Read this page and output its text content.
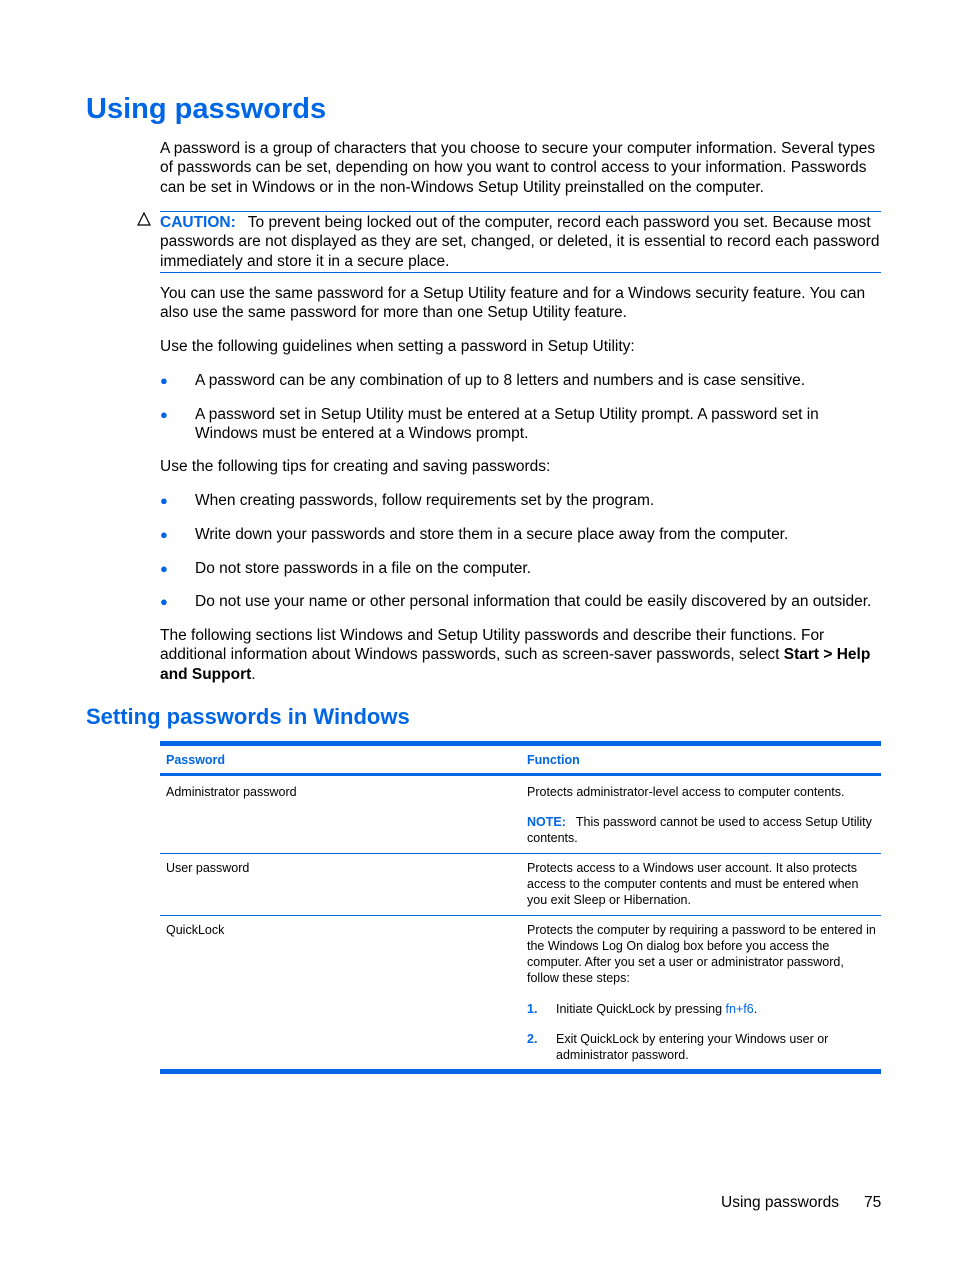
Using passwords

A password is a group of characters that you choose to secure your computer information. Several types of passwords can be set, depending on how you want to control access to your information. Passwords can be set in Windows or in the non-Windows Setup Utility preinstalled on the computer.

CAUTION: To prevent being locked out of the computer, record each password you set. Because most passwords are not displayed as they are set, changed, or deleted, it is essential to record each password immediately and store it in a secure place.

You can use the same password for a Setup Utility feature and for a Windows security feature. You can also use the same password for more than one Setup Utility feature.

Use the following guidelines when setting a password in Setup Utility:

● A password can be any combination of up to 8 letters and numbers and is case sensitive.
● A password set in Setup Utility must be entered at a Setup Utility prompt. A password set in Windows must be entered at a Windows prompt.

Use the following tips for creating and saving passwords:

● When creating passwords, follow requirements set by the program.
● Write down your passwords and store them in a secure place away from the computer.
● Do not store passwords in a file on the computer.
● Do not use your name or other personal information that could be easily discovered by an outsider.

The following sections list Windows and Setup Utility passwords and describe their functions. For additional information about Windows passwords, such as screen-saver passwords, select Start > Help and Support.

Setting passwords in Windows
Password	Function
Administrator password	Protects administrator-level access to computer contents.
NOTE: This password cannot be used to access Setup Utility contents.
User password	Protects access to a Windows user account. It also protects access to the computer contents and must be entered when you exit Sleep or Hibernation.
QuickLock	Protects the computer by requiring a password to be entered in the Windows Log On dialog box before you access the computer. After you set a user or administrator password, follow these steps:
1. Initiate QuickLock by pressing fn+f6.
2. Exit QuickLock by entering your Windows user or administrator password.
Using passwords 75
